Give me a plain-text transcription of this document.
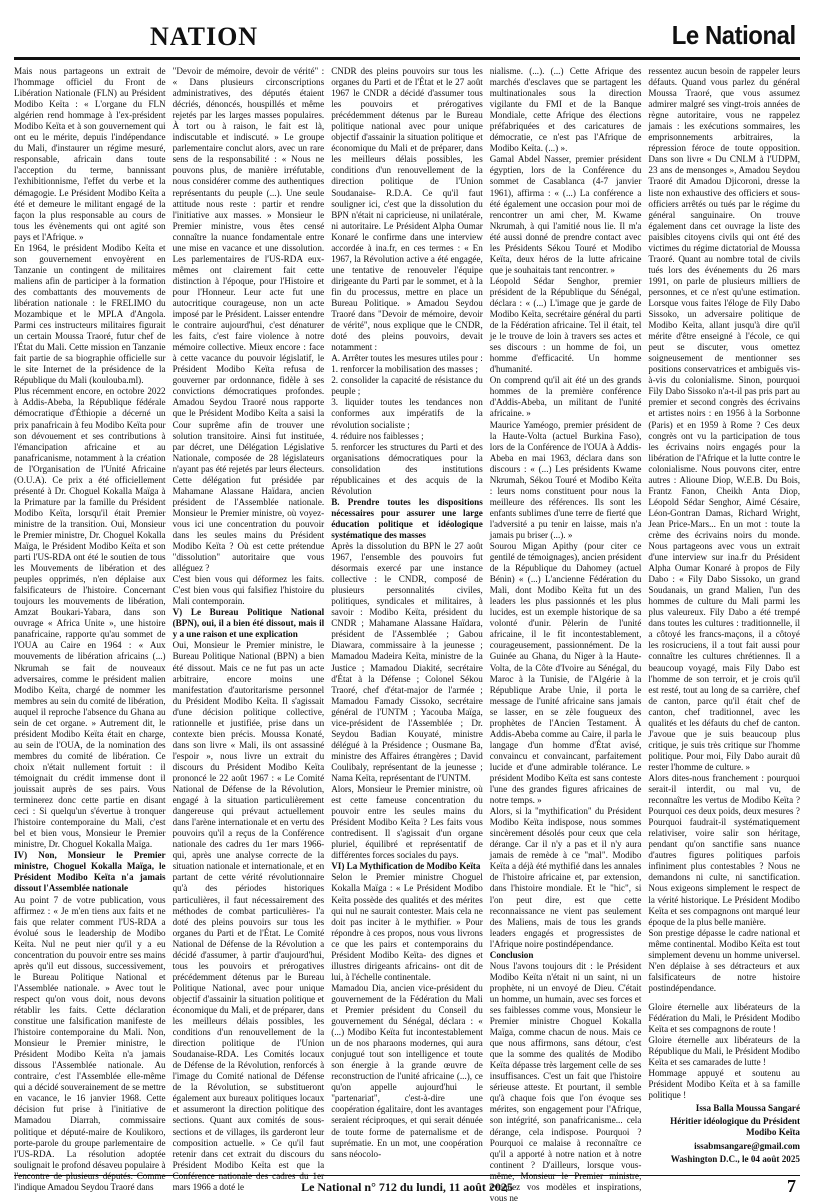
NATION	Le National

Mais nous partageons un extrait de l'hommage officiel du Front de Libération Nationale (FLN) au Président Modibo Keïta : « L'organe du FLN algérien rend hommage à l'ex-président Modibo Keïta et à son gouvernement qui ont eu le mérite, depuis l'indépendance du Mali, d'instaurer un régime mesuré, responsable, africain dans toute l'acception du terme, bannissant l'exhibitionnisme, l'effet du verbe et la démagogie. Le Président Modibo Keïta a été et demeure le militant engagé de la façon la plus responsable au cours de tous les évènements qui ont agité son pays et l'Afrique. »

En 1964, le président Modibo Keïta et son gouvernement envoyèrent en Tanzanie un contingent de militaires maliens afin de participer à la formation des combattants des mouvements de libération nationale : le FRELIMO du Mozambique et le MPLA d'Angola. Parmi ces instructeurs militaires figurait un certain Moussa Traoré, futur chef de l'État du Mali. Cette mission en Tanzanie fait partie de sa biographie officielle sur le site Internet de la présidence de la République du Mali (koulouba.ml).

Plus récemment encore, en octobre 2022 à Addis-Abeba, la République fédérale démocratique d'Éthiopie a décerné un prix panafricain à feu Modibo Keïta pour son dévouement et ses contributions à l'émancipation africaine et au panafricanisme, notamment à la création de l'Organisation de l'Unité Africaine (O.U.A). Ce prix a été officiellement présenté à Dr. Choguel Kokalla Maïga à la Primature par la famille du Président Modibo Keïta, lorsqu'il était Premier ministre de la transition. Oui, Monsieur le Premier ministre, Dr. Choguel Kokalla Maïga, le Président Modibo Keïta et son parti l'US-RDA ont été le soutien de tous les Mouvements de libération et des peuples opprimés, n'en déplaise aux falsificateurs de l'histoire. Concernant toujours les mouvements de libération, Amzat Boukari-Yabara, dans son ouvrage « Africa Unite », une histoire panafricaine, rapporte qu'au sommet de l'OUA au Caire en 1964 : « Aux mouvements de libération africains (...) Nkrumah se fait de nouveaux adversaires, comme le président malien Modibo Keïta, chargé de nommer les membres au sein du comité de libération, auquel il reproche l'absence du Ghana au sein de cet organe. » Autrement dit, le président Modibo Keïta était en charge, au sein de l'OUA, de la nomination des membres du comité de libération. Ce choix n'était nullement fortuit : il témoignait du crédit immense dont il jouissait auprès de ses pairs. Vous terminerez donc cette partie en disant ceci : Si quelqu'un s'évertue à tronquer l'histoire contemporaine du Mali, c'est bel et bien vous, Monsieur le Premier ministre, Dr. Choguel Kokalla Maïga.

IV) Non, Monsieur le Premier ministre, Choguel Kokalla Maïga, le Président Modibo Keïta n'a jamais dissout l'Assemblée nationale

Au point 7 de votre publication, vous affirmez : « Je m'en tiens aux faits et ne fais que relater comment l'US-RDA a évolué sous le leadership de Modibo Keïta. Nul ne peut nier qu'il y a eu concentration du pouvoir entre ses mains après qu'il eut dissous, successivement, le Bureau Politique National et l'Assemblée nationale. » Avec tout le respect qu'on vous doit, nous devons rétablir les faits. Cette déclaration constitue une falsification manifeste de l'histoire contemporaine du Mali. Non, Monsieur le Premier ministre, le Président Modibo Keïta n'a jamais dissous l'Assemblée nationale. Au contraire, c'est l'Assemblée elle-même qui a décidé souverainement de se mettre en vacance, le 16 janvier 1968. Cette décision fut prise à l'initiative de Mamadou Diarrah, commissaire politique et député-maire de Koulikoro, porte-parole du groupe parlementaire de l'US-RDA. La résolution adoptée soulignait le profond désaveu populaire à l'indique Amadou Seydou Traoré dans

"Devoir de mémoire, devoir de vérité" : « Dans plusieurs circonscriptions administratives, des députés étaient décriés, dénoncés, houspillés et même rejetés par les larges masses populaires. À tort ou à raison, le fait est là, indiscutable et indiscuté. » Le groupe parlementaire conclut alors, avec un rare sens de la responsabilité : « Nous ne pouvons plus, de manière irréfutable, nous considérer comme des authentiques représentants du peuple (...). Une seule attitude nous reste : partir et rendre l'initiative aux masses. » Monsieur le Premier ministre, vous êtes censé connaître la nuance fondamentale entre une mise en vacance et une dissolution. Les parlementaires de l'US-RDA eux-mêmes ont clairement fait cette distinction à l'époque, pour l'Histoire et pour l'Honneur. Leur acte fut une autocritique courageuse, non un acte imposé par le Président. Laisser entendre le contraire aujourd'hui, c'est dénaturer les faits, c'est faire violence à notre mémoire collective. Mieux encore : face à cette vacance du pouvoir législatif, le Président Modibo Keïta refusa de gouverner par ordonnance, fidèle à ses convictions démocratiques profondes. Amadou Seydou Traoré nous rapporte que le Président Modibo Keïta a saisi la Cour suprême afin de trouver une solution transitoire. Ainsi fut instituée, par décret, une Délégation Législative Nationale, composée de 28 législateurs n'ayant pas été rejetés par leurs électeurs. Cette délégation fut présidée par Mahamane Alassane Haïdara, ancien président de l'Assemblée nationale. Monsieur le Premier ministre, où voyez-vous ici une concentration du pouvoir dans les seules mains du Président Modibo Keïta ? Où est cette prétendue "dissolution" autoritaire que vous alléguez ?

C'est bien vous qui déformez les faits. C'est bien vous qui falsifiez l'histoire du Mali contemporain.

V) Le Bureau Politique National (BPN), oui, il a bien été dissout, mais il y a une raison et une explication

Oui, Monsieur le Premier ministre, le Bureau Politique National (BPN) a bien été dissout. Mais ce ne fut pas un acte arbitraire, encore moins une manifestation d'autoritarisme personnel du Président Modibo Keïta. Il s'agissait d'une décision politique collective, rationnelle et justifiée, prise dans un contexte bien précis. Moussa Konaté, dans son livre « Mali, ils ont assassiné l'espoir », nous livre un extrait du discours du Président Modibo Keïta prononcé le 22 août 1967 : « Le Comité National de Défense de la Révolution, engagé à la situation particulièrement dangereuse qui prévaut actuellement dans l'arène internationale et en vertu des pouvoirs qu'il a reçus de la Conférence nationale des cadres du 1er mars 1966- qui, après une analyse correcte de la situation nationale et internationale, et en partant de cette vérité révolutionnaire qu'à des périodes historiques particulières, il faut nécessairement des méthodes de combat particulières- l'a doté des pleins pouvoirs sur tous les organes du Parti et de l'État. Le Comité National de Défense de la Révolution a décidé d'assumer, à partir d'aujourd'hui, tous les pouvoirs et prérogatives précédemment détenus par le Bureau Politique National, avec pour unique objectif d'assainir la situation politique et économique du Mali, et de préparer, dans les meilleurs délais possibles, les conditions d'un renouvellement de la direction politique de l'Union Soudanaise-RDA. Les Comités locaux de Défense de la Révolution, renforcés à l'image du Comité national de Défense de la Révolution, se substitueront également aux bureaux politiques locaux et assumeront la direction politique des sections. Quant aux comités de sous-sections et de villages, ils garderont leur composition actuelle. » Ce qu'il faut retenir dans cet extrait du discours du Président Modibo Keïta est que la mars 1966 a doté le

CNDR des pleins pouvoirs sur tous les organes du Parti et de l'État et le 27 août 1967 le CNDR a décidé d'assumer tous les pouvoirs et prérogatives précédemment détenus par le Bureau politique national avec pour unique objectif d'assainir la situation politique et économique du Mali et de préparer, dans les meilleurs délais possibles, les conditions d'un renouvellement de la direction politique de l'Union Soudanaise- R.D.A. Ce qu'il faut souligner ici, c'est que la dissolution du BPN n'était ni capricieuse, ni unilatérale, ni autoritaire. Le Président Alpha Oumar Konaré le confirme dans une interview accordée à ina.fr, en ces termes : « En 1967, la Révolution active a été engagée, une tentative de renouveler l'équipe dirigeante du Parti par le sommet, et à la fin du processus, mettre en place un Bureau Politique. » Amadou Seydou Traoré dans "Devoir de mémoire, devoir de vérité", nous explique que le CNDR, doté des pleins pouvoirs, devait notamment :

A. Arrêter toutes les mesures utiles pour :

1. renforcer la mobilisation des masses ;

2. consolider la capacité de résistance du peuple ;

3. liquider toutes les tendances non conformes aux impératifs de la révolution socialiste ;

4. réduire nos faiblesses ;

5. renforcer les structures du Parti et des organisations démocratiques pour la consolidation des institutions républicaines et des acquis de la Révolution

B. Prendre toutes les dispositions nécessaires pour assurer une large éducation politique et idéologique systématique des masses

Après la dissolution du BPN le 27 août 1967, l'ensemble des pouvoirs fut désormais exercé par une instance collective : le CNDR, composé de plusieurs personnalités civiles, politiques, syndicales et militaires, à savoir : Modibo Keïta, président du CNDR ; Mahamane Alassane Haïdara, président de l'Assemblée ; Gabou Diawara, commissaire à la jeunesse ; Mamadou Madeira Keïta, ministre de la Justice ; Mamadou Diakité, secrétaire d'État à la Défense ; Colonel Sékou Traoré, chef d'état-major de l'armée ; Mamadou Famady Cissoko, secrétaire général de l'UNTM ; Yacouba Maïga, vice-président de l'Assemblée ; Dr. Seydou Badian Kouyaté, ministre délégué à la Présidence ; Ousmane Ba, ministre des Affaires étrangères ; David Coulibaly, représentant de la jeunesse ; Nama Keïta, représentant de l'UNTM.

Alors, Monsieur le Premier ministre, où est cette fameuse concentration du pouvoir entre les seules mains du Président Modibo Keïta ? Les faits vous contredisent. Il s'agissait d'un organe pluriel, équilibré et représentatif de différentes forces sociales du pays.

VI) La Mythification de Modibo Keïta

Selon le Premier ministre Choguel Kokalla Maïga : « Le Président Modibo Keïta possède des qualités et des mérites qui nul ne saurait contester. Mais cela ne doit pas inciter à le mythifier. » Pour répondre à ces propos, nous vous livrons ce que les pairs et contemporains du Président Modibo Keïta- des dignes et illustres dirigeants africains- ont dit de lui, à l'échelle continentale.

Mamadou Dia, ancien vice-président du gouvernement de la Fédération du Mali et Premier président du Conseil du gouvernement du Sénégal, déclara : « (...) Modibo Keïta fut incontestablement un de nos pharaons modernes, qui aura conjugué tout son intelligence et toute son énergie à la grande œuvre de reconstruction de l'unité africaine (...), ce qu'on appelle aujourd'hui le "partenariat", c'est-à-dire une coopération égalitaire, dont les avantages seraient réciproques, et qui serait dénuée de toute forme de paternalisme et de suprématie. En un mot, une coopération sans néocolo-

nialisme. (...). (...) Cette Afrique des marchés d'esclaves que se partagent les multinationales sous la direction vigilante du FMI et de la Banque Mondiale, cette Afrique des élections préfabriquées et des caricatures de démocratie, ce n'est pas l'Afrique de Modibo Keïta. (...) ».

Gamal Abdel Nasser, premier président égyptien, lors de la Conférence du sommet de Casablanca (4-7 janvier 1961), affirma : « (...) La conférence a été également une occasion pour moi de rencontrer un ami cher, M. Kwame Nkrumah, à qui l'amitié nous lie. Il m'a été aussi donné de prendre contact avec les Présidents Sékou Touré et Modibo Keïta, deux héros de la lutte africaine que je souhaitais tant rencontrer. »

Léopold Sédar Senghor, premier président de la République du Sénégal, déclara : « (...) L'image que je garde de Modibo Keïta, secrétaire général du parti de la Fédération africaine. Tel il était, tel je le trouve de loin à travers ses actes et ses discours : un homme de foi, un homme d'efficacité. Un homme d'humanité.

On comprend qu'il ait été un des grands hommes de la première conférence d'Addis-Abeba, un militant de l'unité africaine. »

Maurice Yaméogo, premier président de la Haute-Volta (actuel Burkina Faso), lors de la Conférence de l'OUA à Addis-Abeba en mai 1963, déclara dans son discours : « (...) Les présidents Kwame Nkrumah, Sékou Touré et Modibo Keïta : leurs noms constituent pour nous la meilleure des références. Ils sont les enfants sublimes d'une terre de fierté que l'adversité a pu tenir en laisse, mais n'a jamais pu briser (...). »

Sourou Migan Apithy (pour citer ce gentilé de témoignages), ancien président de la République du Dahomey (actuel Bénin) « (...) L'ancienne Fédération du Mali, dont Modibo Keïta fut un des leaders les plus passionnés et les plus lucides, est un exemple historique de sa volonté d'unir. Pèlerin de l'unité africaine, il le fit incontestablement, courageusement, passionnément. De la Guinée au Ghana, du Niger à la Haute-Volta, de la Côte d'Ivoire au Sénégal, du Maroc à la Tunisie, de l'Algérie à la République Arabe Unie, il porta le message de l'unité africaine sans jamais se lasser, en se zèle fougueux des prophètes de l'Ancien Testament. À Addis-Abeba comme au Caire, il parla le langage d'un homme d'État avisé, convaincu et convaincant, parfaitement lucide et d'une admirable tolérance. Le président Modibo Keïta est sans conteste l'une des grandes figures africaines de notre temps. »

Alors, si la "mythification" du Président Modibo Keïta indispose, nous sommes sincèrement désolés pour ceux que cela dérange. Car il n'y a pas et il n'y aura jamais de remède à ce "mal". Modibo Keïta a déjà été mythifié dans les annales de l'histoire africaine et, par extension, dans l'histoire mondiale. Et le "hic", si l'on peut dire, est que cette reconnaissance ne vient pas seulement des Maliens, mais de tous les grands leaders engagés et progressistes de l'Afrique noire postindépendance.

Conclusion

Nous l'avons toujours dit : le Président Modibo Keïta n'était ni un saint, ni un prophète, ni un envoyé de Dieu. C'était un homme, un humain, avec ses forces et ses faiblesses comme vous, Monsieur le Premier ministre Choguel Kokalla Maïga, comme chacun de nous. Mais ce que nous affirmons, sans détour, c'est que la somme des qualités de Modibo Keïta dépasse très largement celle de ses insuffisances. C'est un fait que l'histoire sérieuse atteste. Et pourtant, il semble qu'à chaque fois que l'on évoque ses mérites, son engagement pour l'Afrique, son intégrité, son panafricanisme... cela dérange, cela indispose. Pourquoi ? Pourquoi ce malaise à reconnaître ce qu'il a apporté à notre nation et à notre continent ? D'ailleurs, lorsque vous- évoquez vos modèles et inspirations, vous ne

ressentez aucun besoin de rappeler leurs défauts. Quand vous parlez du général Moussa Traoré, que vous assumez admirer malgré ses vingt-trois années de règne autoritaire, vous ne rappelez jamais : les exécutions sommaires, les emprisonnements arbitraires, la répression féroce de toute opposition. Dans son livre « Du CNLM à l'UDPM, 23 ans de mensonges », Amadou Seydou Traoré dit Amadou Djicoroni, dresse la liste non exhaustive des officiers et sous-officiers arrêtés ou tués par le régime du général sanguinaire. On trouve également dans cet ouvrage la liste des paisibles citoyens civils qui ont été des victimes du régime dictatorial de Moussa Traoré. Quant au nombre total de civils tués lors des événements du 26 mars 1991, on parle de plusieurs milliers de personnes, et ce n'est qu'une estimation. Lorsque vous faites l'éloge de Fily Dabo Sissoko, un adversaire politique de Modibo Keïta, allant jusqu'à dire qu'il mérite d'être enseigné à l'école, ce qui peut se discuter, vous omettez soigneusement de mentionner ses positions conservatrices et ambiguës vis-à-vis du colonialisme. Sinon, pourquoi Fily Dabo Sissoko n'a-t-il pas pris part au premier et second congrès des écrivains et artistes noirs : en 1956 à la Sorbonne (Paris) et en 1959 à Rome ? Ces deux congrès ont vu la participation de tous les écrivains noirs engagés pour la libération de l'Afrique et la lutte contre le colonialisme. Nous pouvons citer, entre autres : Alioune Diop, W.E.B. Du Bois, Frantz Fanon, Cheikh Anta Diop, Léopold Sédar Senghor, Aimé Césaire, Léon-Gontran Damas, Richard Wright, Jean Price-Mars... En un mot : toute la crème des écrivains noirs du monde. Nous partageons avec vous un extrait d'une interview sur ina.fr du Président Alpha Oumar Konaré à propos de Fily Dabo : « Fily Dabo Sissoko, un grand Soudanais, un grand Malien, l'un des hommes de culture du Mali parmi les plus valeureux. Fily Dabo a été trempé dans toutes les cultures : traditionnelle, il a côtoyé les francs-maçons, il a côtoyé les rosicruciens, il a tout fait aussi pour connaître les cultures chrétiennes. Il a beaucoup voyagé, mais Fily Dabo est l'homme de son terroir, et je crois qu'il est resté, tout au long de sa carrière, chef de canton, parce qu'il était chef de canton, chef traditionnel, avec les qualités et les défauts du chef de canton. J'avoue que je suis beaucoup plus critique, je suis très critique sur l'homme politique. Pour moi, Fily Dabo aurait dû rester l'homme de culture. »

Alors dites-nous franchement : pourquoi serait-il interdit, ou mal vu, de reconnaître les vertus de Modibo Keïta ? Pourquoi ces deux poids, deux mesures ? Pourquoi faudrait-il systématiquement relativiser, voire salir son héritage, pendant qu'on sanctifie sans nuance d'autres figures politiques parfois infiniment plus contestables ? Nous ne demandons ni culte, ni sanctification. Nous exigeons simplement le respect de la vérité historique. Le Président Modibo Keïta et ses compagnons ont marqué leur époque de la plus belle manière.

Son prestige dépasse le cadre national et même continental. Modibo Keïta est tout simplement devenu un homme universel. N'en déplaise à ses détracteurs et aux falsificateurs de notre histoire postindépendance.

Gloire éternelle aux libérateurs de la Fédération du Mali, le Président Modibo Keïta et ses compagnons de route !

Gloire éternelle aux libérateurs de la République du Mali, le Président Modibo Keïta et ses camarades de lutte !

Hommage appuyé et soutenu au Président Modibo Keïta et à sa famille politique !

Issa Balla Moussa Sangaré

Héritier idéologique du Président Modibo Keïta

issabmsangare@gmail.com

Washington D.C., le 04 août 2025

Le National n° 712 du lundi, 11 août 2025	7
